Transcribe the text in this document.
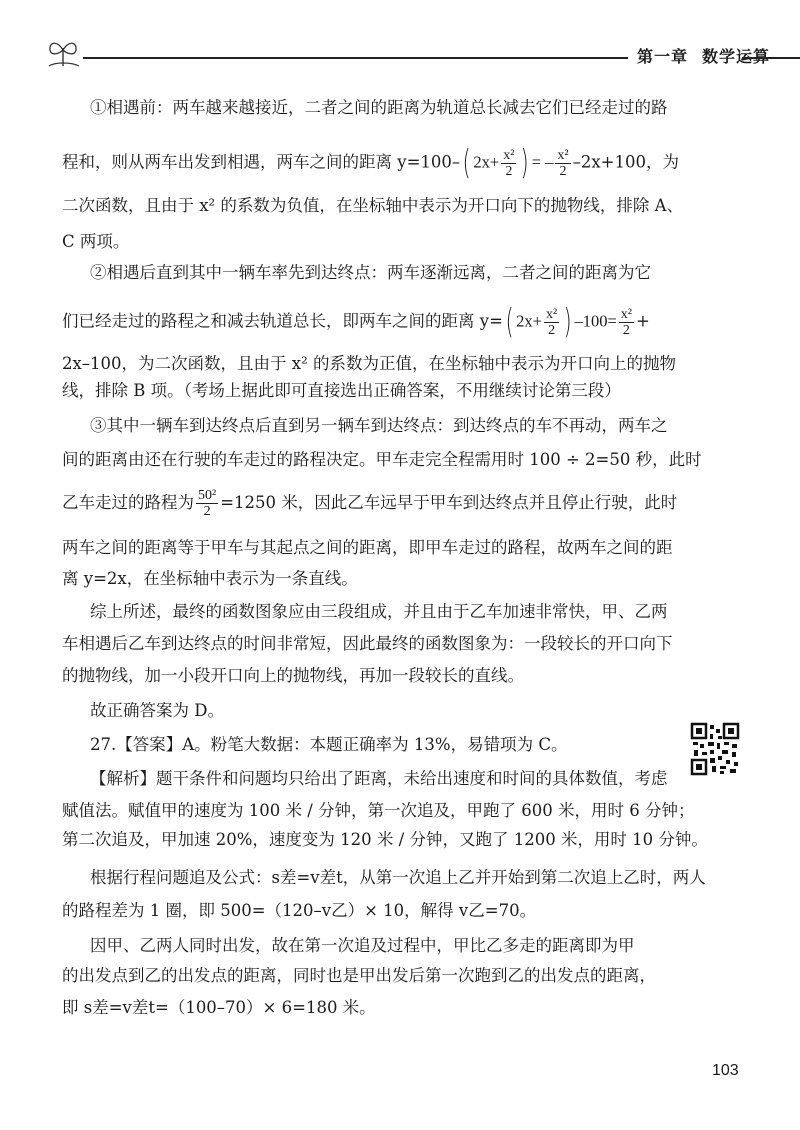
第一章 数学运算
①相遇前：两车越来越接近，二者之间的距离为轨道总长减去它们已经走过的路
程和，则从两车出发到相遇，两车之间的距离 y=100–( $2x+ \frac{\text{x²}}{2}$ ) = – $\frac{\text{x²}}{2} -2x+100$，为
二次函数，且由于 x² 的系数为负值，在坐标轴中表示为开口向下的抛物线，排除 A、
C 两项。
②相遇后直到其中一辆车率先到达终点：两车逐渐远离，二者之间的距离为它
们已经走过的路程之和减去轨道总长，即两车之间的距离 y=( $2x+ \frac{\text{x²}}{2}$ ) $-100= \frac{\text{x²}}{2}$ +
2x–100，为二次函数，且由于 x² 的系数为正值，在坐标轴中表示为开口向上的抛物
线，排除 B 项。（考场上据此即可直接选出正确答案，不用继续讨论第三段）
③其中一辆车到达终点后直到另一辆车到达终点：到达终点的车不再动，两车之
间的距离由还在行驶的车走过的路程决定。甲车走完全程需用时 100 ÷ 2=50 秒，此时
乙车走过的路程为 $\frac{\text{50²}}{2} =1250$ 米，因此乙车远早于甲车到达终点并且停止行驶，此时
两车之间的距离等于甲车与其起点之间的距离，即甲车走过的路程，故两车之间的距
离 y=2x，在坐标轴中表示为一条直线。
综上所述，最终的函数图象应由三段组成，并且由于乙车加速非常快，甲、乙两
车相遇后乙车到达终点的时间非常短，因此最终的函数图象为：一段较长的开口向下
的抛物线，加一小段开口向上的抛物线，再加一段较长的直线。
故正确答案为 D。
27.【答案】A。粉笔大数据：本题正确率为 13%，易错项为 C。
【解析】题干条件和问题均只给出了距离，未给出速度和时间的具体数值，考虑
赋值法。赋值甲的速度为 100 米 / 分钟，第一次追及，甲跑了 600 米，用时 6 分钟；
第二次追及，甲加速 20%，速度变为 120 米 / 分钟，又跑了 1200 米，用时 10 分钟。
根据行程问题追及公式：s差=v差t，从第一次追上乙并开始到第二次追上乙时，两人
的路程差为 1 圈，即 500=（120–v乙）× 10，解得 v乙=70。
因甲、乙两人同时出发，故在第一次追及过程中，甲比乙多走的距离即为甲
的出发点到乙的出发点的距离，同时也是甲出发后第一次跑到乙的出发点的距离，
即 s差=v差t=（100–70）× 6=180 米。
103
